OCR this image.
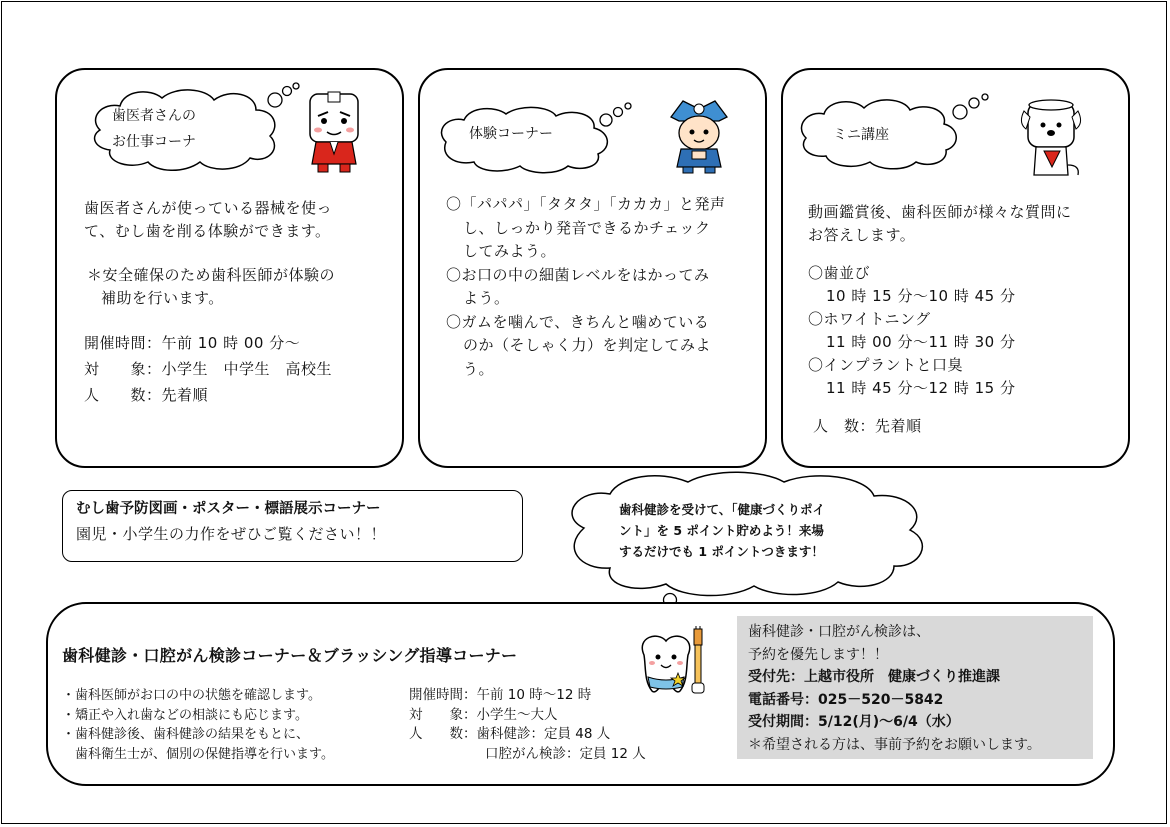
歯医者さんの
お仕事コーナ
歯医者さんが使っている器械を使っ
て、むし歯を削る体験ができます。
＊安全確保のため歯科医師が体験の
補助を行います。
開催時間：午前 10 時 00 分～
対　　象：小学生　中学生　高校生
人　　数：先着順
体験コーナー
〇「パパパ」「タタタ」「カカカ」と発声
し、しっかり発音できるかチェック
してみよう。
〇お口の中の細菌レベルをはかってみ
よう。
〇ガムを噛んで、きちんと噛めている
のか（そしゃく力）を判定してみよ
う。
ミニ講座
動画鑑賞後、歯科医師が様々な質問に
お答えします。
〇歯並び
10 時 15 分～10 時 45 分
〇ホワイトニング
11 時 00 分～11 時 30 分
〇インプラントと口臭
11 時 45 分～12 時 15 分
人　数：先着順
むし歯予防図画・ポスター・標語展示コーナー
園児・小学生の力作をぜひご覧ください！！
歯科健診を受けて、「健康づくりポイ
ント」を 5 ポイント貯めよう！来場
するだけでも 1 ポイントつきます！
歯科健診・口腔がん検診コーナー＆ブラッシング指導コーナー
・歯科医師がお口の中の状態を確認します。
・矯正や入れ歯などの相談にも応じます。
・歯科健診後、歯科健診の結果をもとに、
　歯科衛生士が、個別の保健指導を行います。
開催時間：午前 10 時～12 時
対　　象：小学生～大人
人　　数：歯科健診：定員 48 人
口腔がん検診：定員 12 人
歯科健診・口腔がん検診は、
予約を優先します！！
受付先：上越市役所　健康づくり推進課
電話番号：025－520－5842
受付期間：5/12(月)～6/4（水）
＊希望される方は、事前予約をお願いします。
